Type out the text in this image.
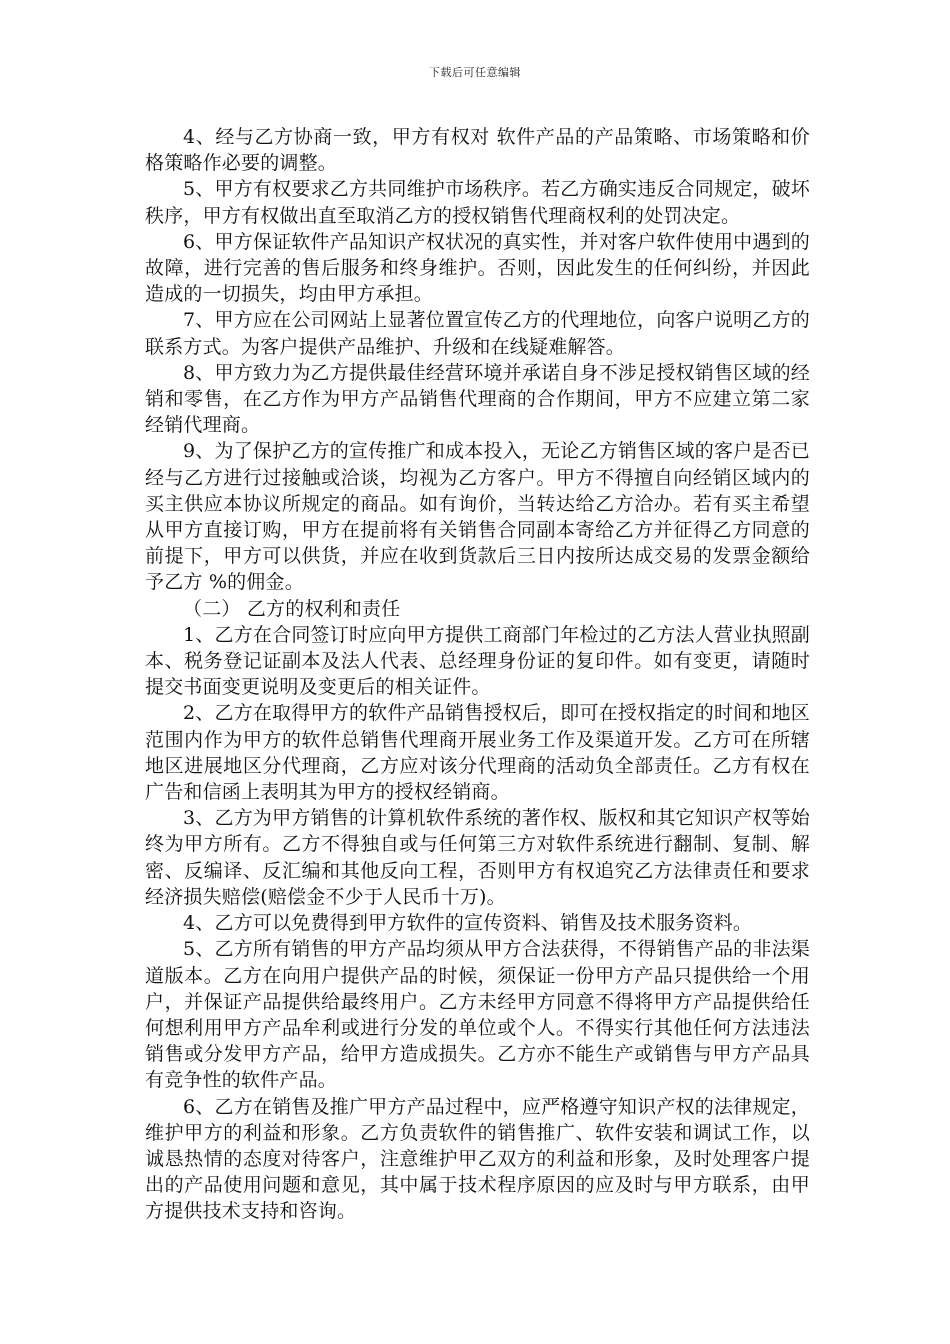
下载后可任意编辑

4、经与乙方协商一致，甲方有权对 软件产品的产品策略、市场策略和价格策略作必要的调整。

5、甲方有权要求乙方共同维护市场秩序。若乙方确实违反合同规定，破坏秩序，甲方有权做出直至取消乙方的授权销售代理商权利的处罚决定。

6、甲方保证软件产品知识产权状况的真实性，并对客户软件使用中遇到的故障，进行完善的售后服务和终身维护。否则，因此发生的任何纠纷，并因此造成的一切损失，均由甲方承担。

7、甲方应在公司网站上显著位置宣传乙方的代理地位，向客户说明乙方的联系方式。为客户提供产品维护、升级和在线疑难解答。

8、甲方致力为乙方提供最佳经营环境并承诺自身不涉足授权销售区域的经销和零售，在乙方作为甲方产品销售代理商的合作期间，甲方不应建立第二家经销代理商。

9、为了保护乙方的宣传推广和成本投入，无论乙方销售区域的客户是否已经与乙方进行过接触或洽谈，均视为乙方客户。甲方不得擅自向经销区域内的买主供应本协议所规定的商品。如有询价，当转达给乙方洽办。若有买主希望从甲方直接订购，甲方在提前将有关销售合同副本寄给乙方并征得乙方同意的前提下，甲方可以供货，并应在收到货款后三日内按所达成交易的发票金额给予乙方 %的佣金。

（二） 乙方的权利和责任

1、乙方在合同签订时应向甲方提供工商部门年检过的乙方法人营业执照副本、税务登记证副本及法人代表、总经理身份证的复印件。如有变更，请随时提交书面变更说明及变更后的相关证件。

2、乙方在取得甲方的软件产品销售授权后，即可在授权指定的时间和地区范围内作为甲方的软件总销售代理商开展业务工作及渠道开发。乙方可在所辖地区进展地区分代理商，乙方应对该分代理商的活动负全部责任。乙方有权在广告和信函上表明其为甲方的授权经销商。

3、乙方为甲方销售的计算机软件系统的著作权、版权和其它知识产权等始终为甲方所有。乙方不得独自或与任何第三方对软件系统进行翻制、复制、解密、反编译、反汇编和其他反向工程，否则甲方有权追究乙方法律责任和要求经济损失赔偿(赔偿金不少于人民币十万)。

4、乙方可以免费得到甲方软件的宣传资料、销售及技术服务资料。

5、乙方所有销售的甲方产品均须从甲方合法获得，不得销售产品的非法渠道版本。乙方在向用户提供产品的时候，须保证一份甲方产品只提供给一个用户，并保证产品提供给最终用户。乙方未经甲方同意不得将甲方产品提供给任何想利用甲方产品牟利或进行分发的单位或个人。不得实行其他任何方法违法销售或分发甲方产品，给甲方造成损失。乙方亦不能生产或销售与甲方产品具有竞争性的软件产品。

6、乙方在销售及推广甲方产品过程中，应严格遵守知识产权的法律规定，维护甲方的利益和形象。乙方负责软件的销售推广、软件安装和调试工作，以诚恳热情的态度对待客户，注意维护甲乙双方的利益和形象，及时处理客户提出的产品使用问题和意见，其中属于技术程序原因的应及时与甲方联系，由甲方提供技术支持和咨询。
